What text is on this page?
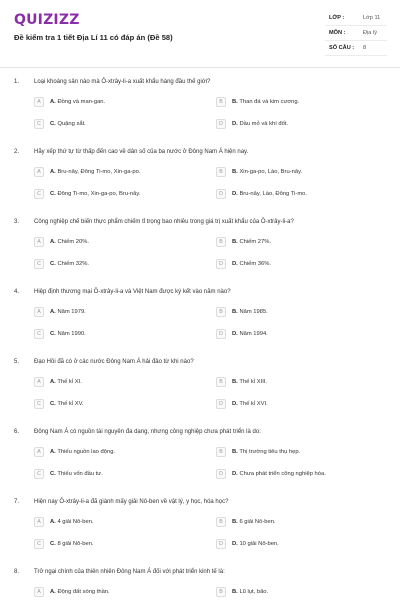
QUIZIZZ
Đề kiểm tra 1 tiết Địa Lí 11 có đáp án (Đề 58)
LỚP :	Lớp 11
MÔN :	Địa lý
SỐ CÂU : 8
1. Loại khoáng sản nào mà Ô-xtrây-li-a xuất khẩu hàng đầu thế giới?
A	A. Đồng và man-gan.	B	B. Than đá và kim cương.
C	C. Quặng sắt.	D	D. Dầu mỏ và khí đốt.
2. Hãy xếp thứ tự từ thấp đến cao về dân số của ba nước ở Đông Nam Á hiện nay.
A	A. Bru-nây, Đông Ti-mo, Xin-ga-po.	B	B. Xin-ga-po, Lào, Bru-nây.
C	C. Đông Ti-mo, Xin-ga-po, Bru-nây.	D	D. Bru-nây, Lào, Đông Ti-mo.
3. Công nghiệp chế biến thực phẩm chiếm tỉ trọng bao nhiêu trong giá trị xuất khẩu của Ô-xtrây-li-a?
A	A. Chiếm 20%.	B	B. Chiếm 27%.
C	C. Chiếm 32%.	D	D. Chiếm 36%.
4. Hiệp định thương mại Ô-xtrây-li-a và Việt Nam được ký kết vào năm nào?
A	A. Năm 1979.	B	B. Năm 1985.
C	C. Năm 1990.	D	D. Năm 1994.
5. Đạo Hồi đã có ở các nước Đông Nam Á hải đảo từ khi nào?
A	A. Thế kỉ XI.	B	B. Thế kỉ XIII.
C	C. Thế kỉ XV.	D	D. Thế kỉ XVI.
6. Đông Nam Á có nguồn tài nguyên đa dạng, nhưng công nghiệp chưa phát triển là do:
A	A. Thiếu nguồn lao động.	B	B. Thị trường tiêu thụ hẹp.
C	C. Thiếu vốn đầu tư.	D	D. Chưa phát triển công nghiệp hóa.
7. Hiện nay Ô-xtrây-li-a đã giành mấy giải Nô-ben về vật lý, y học, hóa học?
A	A. 4 giải Nô-ben.	B	B. 6 giải Nô-ben.
C	C. 8 giải Nô-ben.	D	D. 10 giải Nô-ben.
8. Trở ngại chính của thiên nhiên Đông Nam Á đối với phát triển kinh tế là:
A	A. Động đất sóng thần.	B	B. Lũ lụt, bão.
